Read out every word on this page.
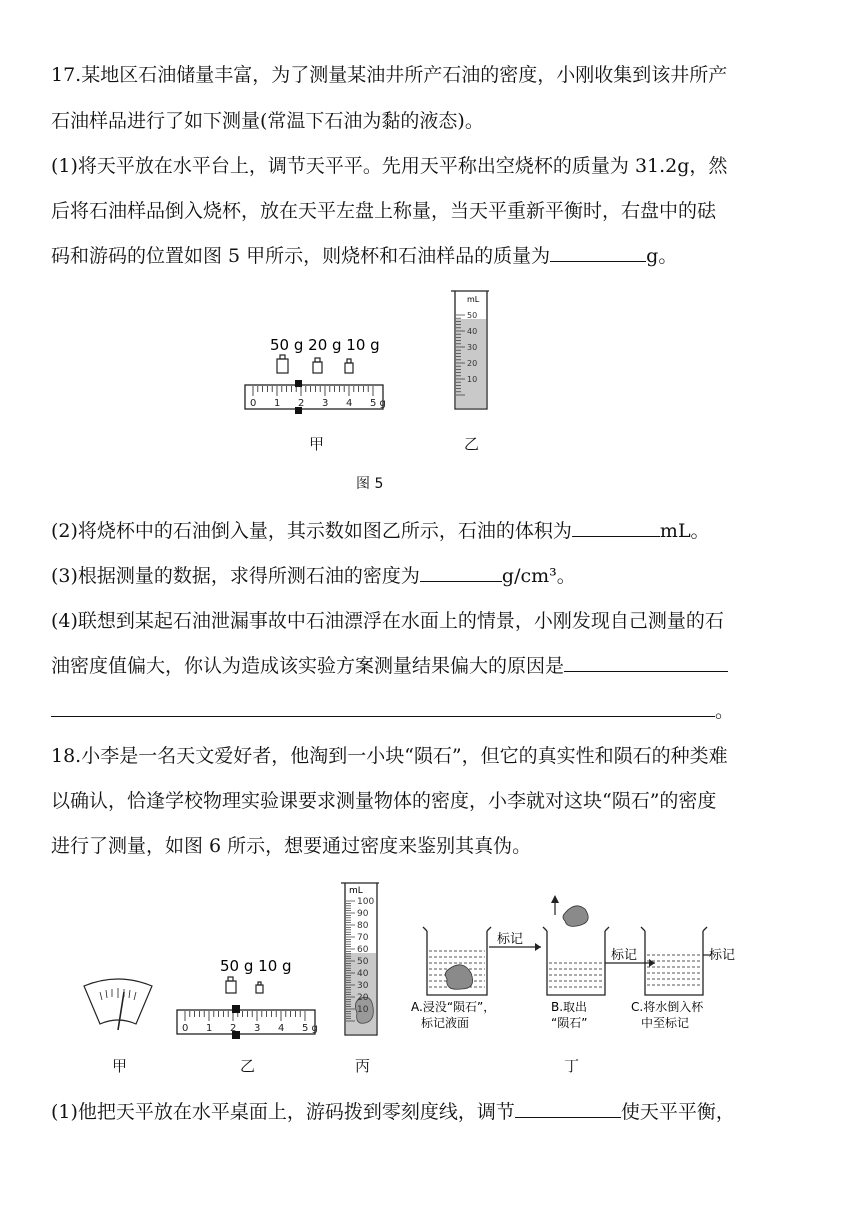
17.某地区石油储量丰富，为了测量某油井所产石油的密度，小刚收集到该井所产
石油样品进行了如下测量(常温下石油为黏的液态)。
(1)将天平放在水平台上，调节天平平。先用天平称出空烧杯的质量为 31.2g，然
后将石油样品倒入烧杯，放在天平左盘上称量，当天平重新平衡时，右盘中的砝
码和游码的位置如图 5 甲所示，则烧杯和石油样品的质量为	g。
50 g 20 g 10 g
0 1 2 3 4 5 g
mL
50
40
30
20
10
甲	乙
图 5
(2)将烧杯中的石油倒入量，其示数如图乙所示，石油的体积为	mL。
(3)根据测量的数据，求得所测石油的密度为	g/cm³。
(4)联想到某起石油泄漏事故中石油漂浮在水面上的情景，小刚发现自己测量的石
油密度值偏大，你认为造成该实验方案测量结果偏大的原因是
。
18.小李是一名天文爱好者，他淘到一小块“陨石”，但它的真实性和陨石的种类难
以确认，恰逢学校物理实验课要求测量物体的密度，小李就对这块“陨石”的密度
进行了测量，如图 6 所示，想要通过密度来鉴别其真伪。
50 g 10 g
0 1 2 3 4 5 g
mL
100
90
80
70
60
50
40
30
20
10
标记
标记	标记
A.浸没“陨石”，
标记液面
B.取出
“陨石”
C.将水倒入杯
中至标记
甲	乙	丙	丁
(1)他把天平放在水平桌面上，游码拨到零刻度线，调节	使天平平衡，
